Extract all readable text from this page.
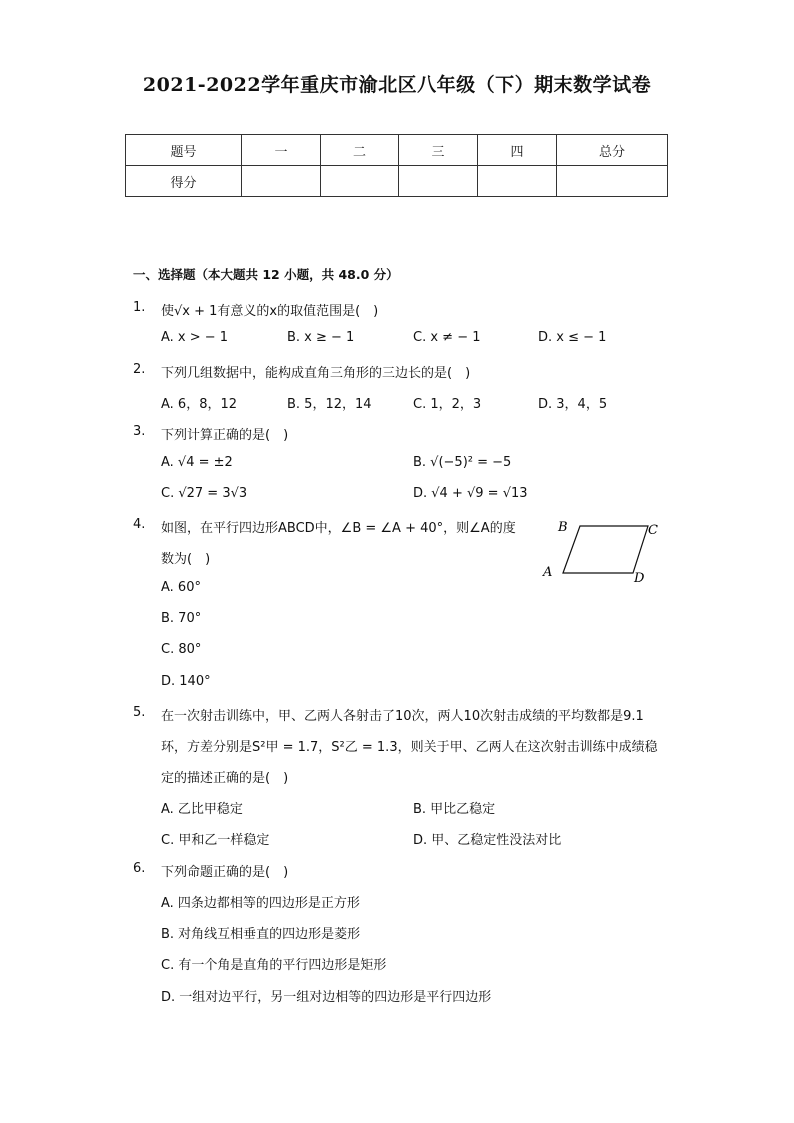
2021-2022学年重庆市渝北区八年级（下）期末数学试卷
题号	一	二	三	四	总分
得分					
一、选择题（本大题共 12 小题，共 48.0 分）
1. 使√x + 1有意义的x的取值范围是(　)
A. x > − 1	B. x ≥ − 1	C. x ≠ − 1	D. x ≤ − 1
2. 下列几组数据中，能构成直角三角形的三边长的是(　)
A. 6，8，12	B. 5，12，14	C. 1，2，3	D. 3，4，5
3. 下列计算正确的是(　)
A. √4 = ±2	B. √(−5)² = −5
C. √27 = 3√3	D. √4 + √9 = √13
4. 如图，在平行四边形ABCD中，∠B = ∠A + 40°，则∠A的度
数为(　)
A. 60°
B. 70°
C. 80°
D. 140°
B	C
A	D
5. 在一次射击训练中，甲、乙两人各射击了10次，两人10次射击成绩的平均数都是9.1
环，方差分别是S²甲 = 1.7，S²乙 = 1.3，则关于甲、乙两人在这次射击训练中成绩稳
定的描述正确的是(　)
A. 乙比甲稳定	B. 甲比乙稳定
C. 甲和乙一样稳定	D. 甲、乙稳定性没法对比
6. 下列命题正确的是(　)
A. 四条边都相等的四边形是正方形
B. 对角线互相垂直的四边形是菱形
C. 有一个角是直角的平行四边形是矩形
D. 一组对边平行，另一组对边相等的四边形是平行四边形
